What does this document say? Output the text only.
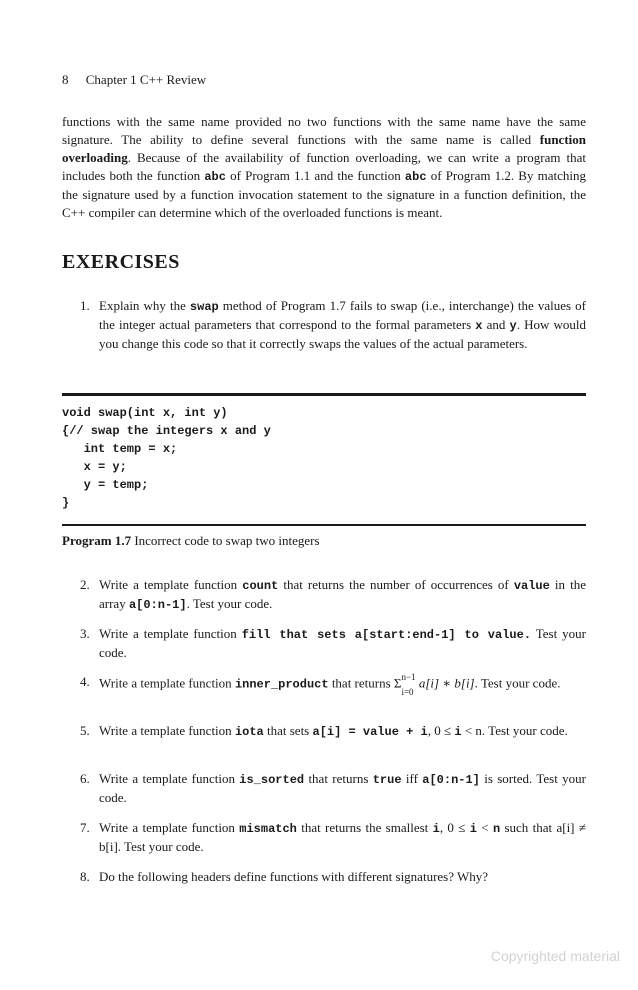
8 Chapter 1 C++ Review
functions with the same name provided no two functions with the same name have the same signature. The ability to define several functions with the same name is called function overloading. Because of the availability of function overloading, we can write a program that includes both the function abc of Program 1.1 and the function abc of Program 1.2. By matching the signature used by a function invocation statement to the signature in a function definition, the C++ compiler can determine which of the overloaded functions is meant.
EXERCISES
1. Explain why the swap method of Program 1.7 fails to swap (i.e., interchange) the values of the integer actual parameters that correspond to the formal parameters x and y. How would you change this code so that it correctly swaps the values of the actual parameters.
void swap(int x, int y)
{// swap the integers x and y
int temp = x;
x = y;
y = temp;
}
Program 1.7 Incorrect code to swap two integers
2. Write a template function count that returns the number of occurrences of value in the array a[0:n-1]. Test your code.
3. Write a template function fill that sets a[start:end-1] to value. Test your code.
4. Write a template function inner_product that returns $\Sigma^{n-1}$
$_{i=0}$ a[i] ∗ b[i]. Test your code.
5. Write a template function iota that sets a[i] = value + i, 0 ≤ i < n. Test your code.
6. Write a template function is_sorted that returns true iff a[0:n-1] is sorted. Test your code.
7. Write a template function mismatch that returns the smallest i, 0 ≤ i < n such that a[i] ≠ b[i]. Test your code.
8. Do the following headers define functions with different signatures? Why?
Copyrighted material
